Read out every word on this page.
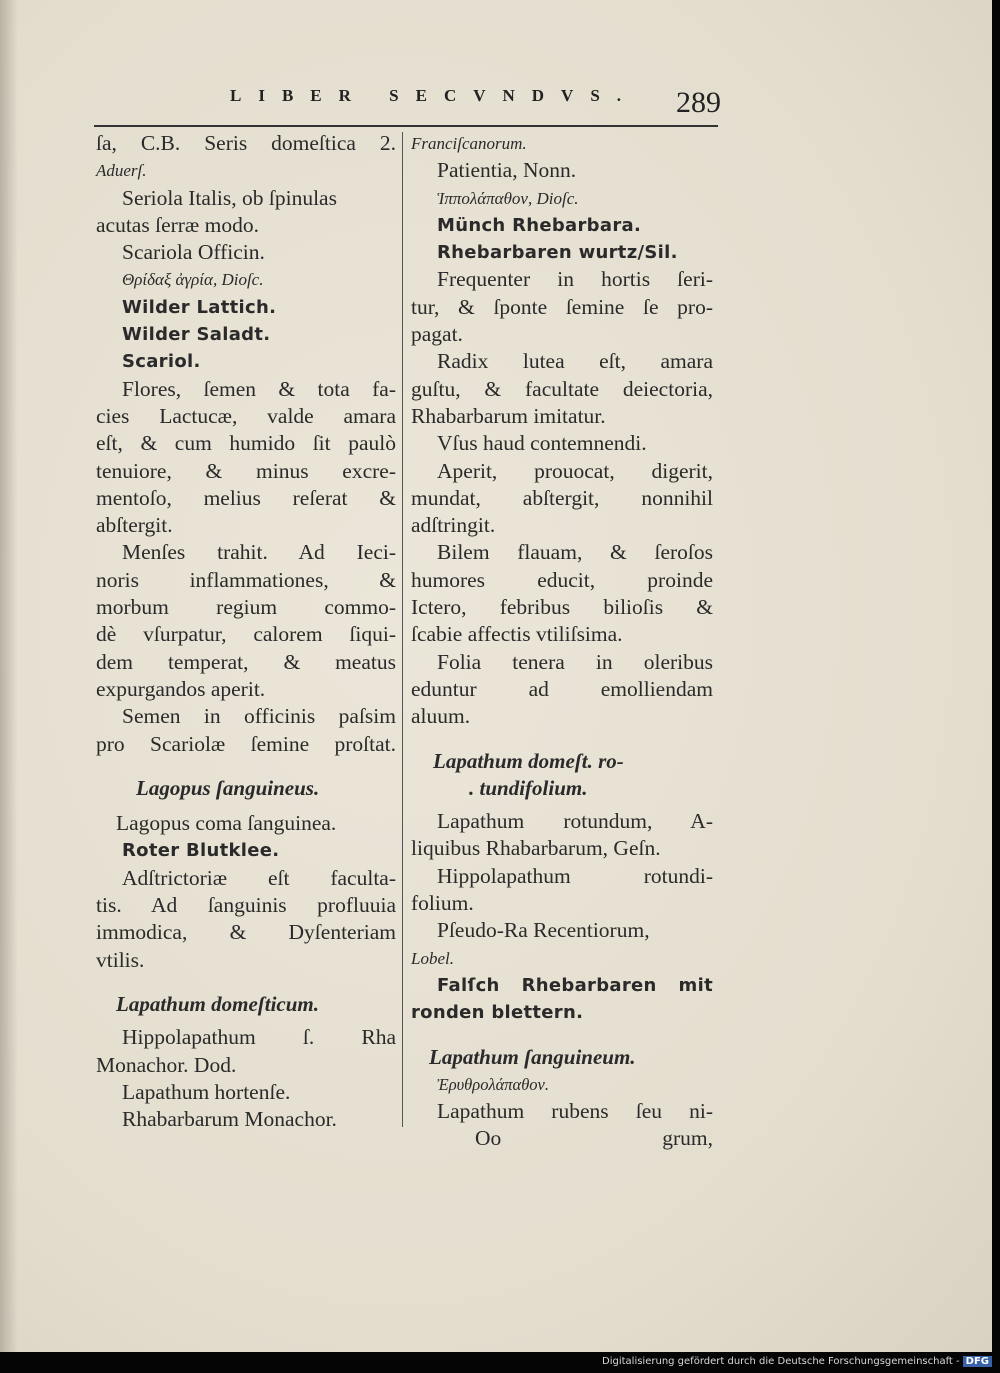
LIBER SECVNDVS. 289
ſa, C.B. Seris domeſtica 2.
Aduerſ.
Seriola Italis, ob ſpinulas
acutas ſerræ modo.
Scariola Officin.
Θρίδαξ ἀγρία, Dioſc.
Wilder Lattich.
Wilder Saladt.
Scariol.
Flores, ſemen & tota fa-
cies Lactucæ, valde amara
eſt, & cum humido ſit paulò
tenuiore, & minus excre-
mentoſo, melius reſerat &
abſtergit.
Menſes trahit. Ad Ieci-
noris inflammationes, &
morbum regium commo-
dè vſurpatur, calorem ſiqui-
dem temperat, & meatus
expurgandos aperit.
Semen in officinis paſsim
pro Scariolæ ſemine proſtat.
Lagopus ſanguineus.
Lagopus coma ſanguinea.
Roter Blutklee.
Adſtrictoriæ eſt faculta-
tis. Ad ſanguinis profluuia
immodica, & Dyſenteriam
vtilis.
Lapathum domeſticum.
Hippolapathum ſ. Rha
Monachor. Dod.
Lapathum hortenſe.
Rhabarbarum Monachor.
Franciſcanorum.
Patientia, Nonn.
Ἱππολάπαθον, Dioſc.
Münch Rhebarbara.
Rhebarbaren wurtz/Sil.
Frequenter in hortis ſeri-
tur, & ſponte ſemine ſe pro-
pagat.
Radix lutea eſt, amara
guſtu, & facultate deiectoria,
Rhabarbarum imitatur.
Vſus haud contemnendi.
Aperit, prouocat, digerit,
mundat, abſtergit, nonnihil
adſtringit.
Bilem flauam, & ſeroſos
humores educit, proinde
Ictero, febribus bilioſis &
ſcabie affectis vtiliſsima.
Folia tenera in oleribus
eduntur ad emolliendam
aluum.
Lapathum domeſt. ro-
. tundifolium.
Lapathum rotundum, A-
liquibus Rhabarbarum, Geſn.
Hippolapathum rotundi-
folium.
Pſeudo-Ra Recentiorum,
Lobel.
Falſch Rhebarbaren mit
ronden blettern.
Lapathum ſanguineum.
Ἐρυθρολάπαθον.
Lapathum rubens ſeu ni-
Oo	grum,
Digitalisierung gefördert durch die Deutsche Forschungsgemeinschaft - DFG
